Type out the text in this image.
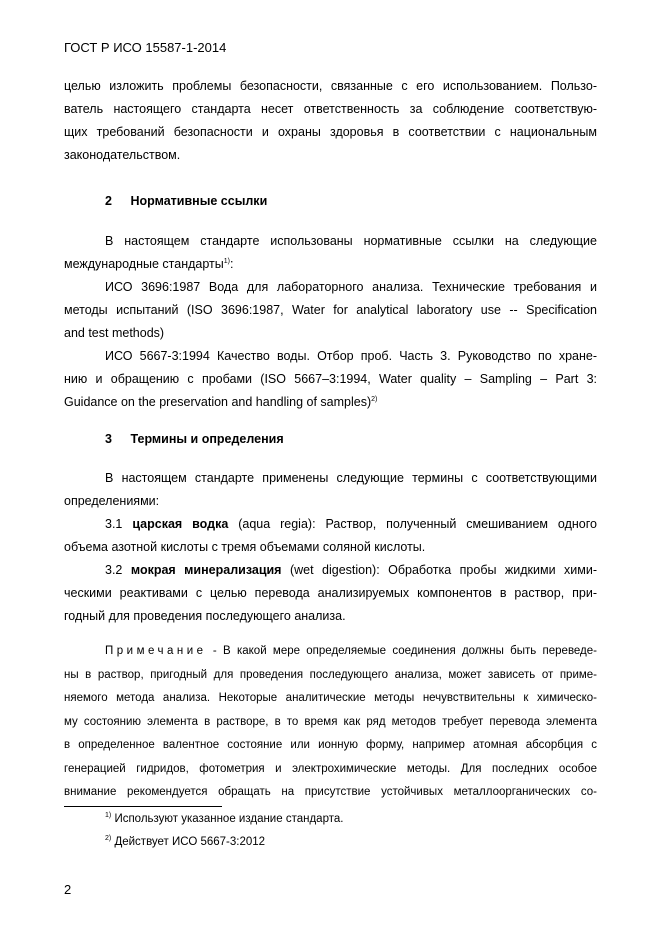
ГОСТ Р ИСО 15587-1-2014
целью изложить проблемы безопасности, связанные с его использованием. Пользо-
ватель настоящего стандарта несет ответственность за соблюдение соответствую-
щих требований безопасности и охраны здоровья в соответствии с национальным
законодательством.
2 Нормативные ссылки
В настоящем стандарте использованы нормативные ссылки на следующие
международные стандарты$^{1)}$:
ИСО 3696:1987 Вода для лабораторного анализа. Технические требования и
методы испытаний (ISO 3696:1987, Water for analytical laboratory use -- Specification
and test methods)
ИСО 5667-3:1994 Качество воды. Отбор проб. Часть 3. Руководство по хране-
нию и обращению с пробами (ISO 5667–3:1994, Water quality – Sampling – Part 3:
Guidance on the preservation and handling of samples)$^{2)}$
3 Термины и определения
В настоящем стандарте применены следующие термины с соответствующими
определениями:
3.1 царская водка (aqua regia): Раствор, полученный смешиванием одного
объема азотной кислоты с тремя объемами соляной кислоты.
3.2 мокрая минерализация (wet digestion): Обработка пробы жидкими хими-
ческими реактивами с целью перевода анализируемых компонентов в раствор, при-
годный для проведения последующего анализа.
Примечание - В какой мере определяемые соединения должны быть переведе-
ны в раствор, пригодный для проведения последующего анализа, может зависеть от приме-
няемого метода анализа. Некоторые аналитические методы нечувствительны к химическо-
му состоянию элемента в растворе, в то время как ряд методов требует перевода элемента
в определенное валентное состояние или ионную форму, например атомная абсорбция с
генерацией гидридов, фотометрия и электрохимические методы. Для последних особое
внимание рекомендуется обращать на присутствие устойчивых металлоорганических со-
$^{1)}$ Используют указанное издание стандарта.
$^{2)}$ Действует ИСО 5667-3:2012
2
